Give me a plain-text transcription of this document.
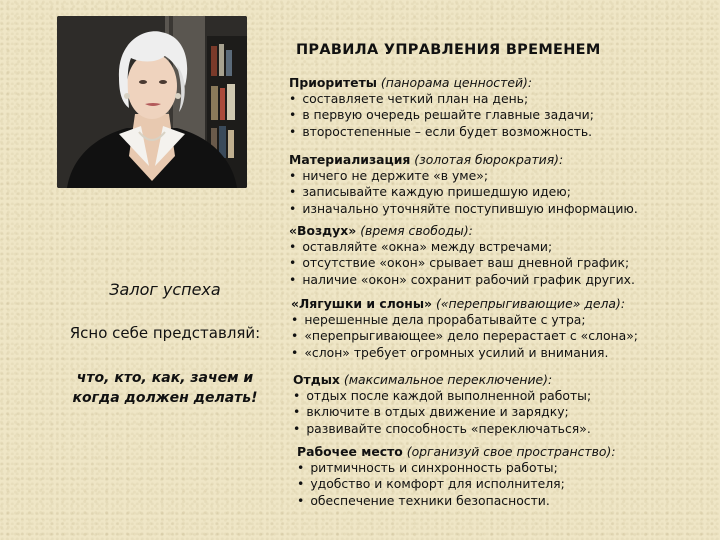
Залог успеха
Ясно себе представляй:
что, кто, как, зачем и
когда должен делать!
ПРАВИЛА УПРАВЛЕНИЯ ВРЕМЕНЕМ

Приоритеты (панорама ценностей):

• составляете четкий план на день;
• в первую очередь решайте главные задачи;
• второстепенные – если будет возможность.

Материализация (золотая бюрократия):

• ничего не держите «в уме»;
• записывайте каждую пришедшую идею;
• изначально уточняйте поступившую информацию.

«Воздух» (время свободы):

• оставляйте «окна» между встречами;
• отсутствие «окон» срывает ваш дневной график;
• наличие «окон» сохранит рабочий график других.

«Лягушки и слоны» («перепрыгивающие» дела):

• нерешенные дела прорабатывайте с утра;
• «перепрыгивающее» дело перерастает с «слона»;
• «слон» требует огромных усилий и внимания.

Отдых (максимальное переключение):

• отдых после каждой выполненной работы;
• включите в отдых движение и зарядку;
• развивайте способность «переключаться».

Рабочее место (организуй свое пространство):

• ритмичность и синхронность работы;
• удобство и комфорт для исполнителя;
• обеспечение техники безопасности.
